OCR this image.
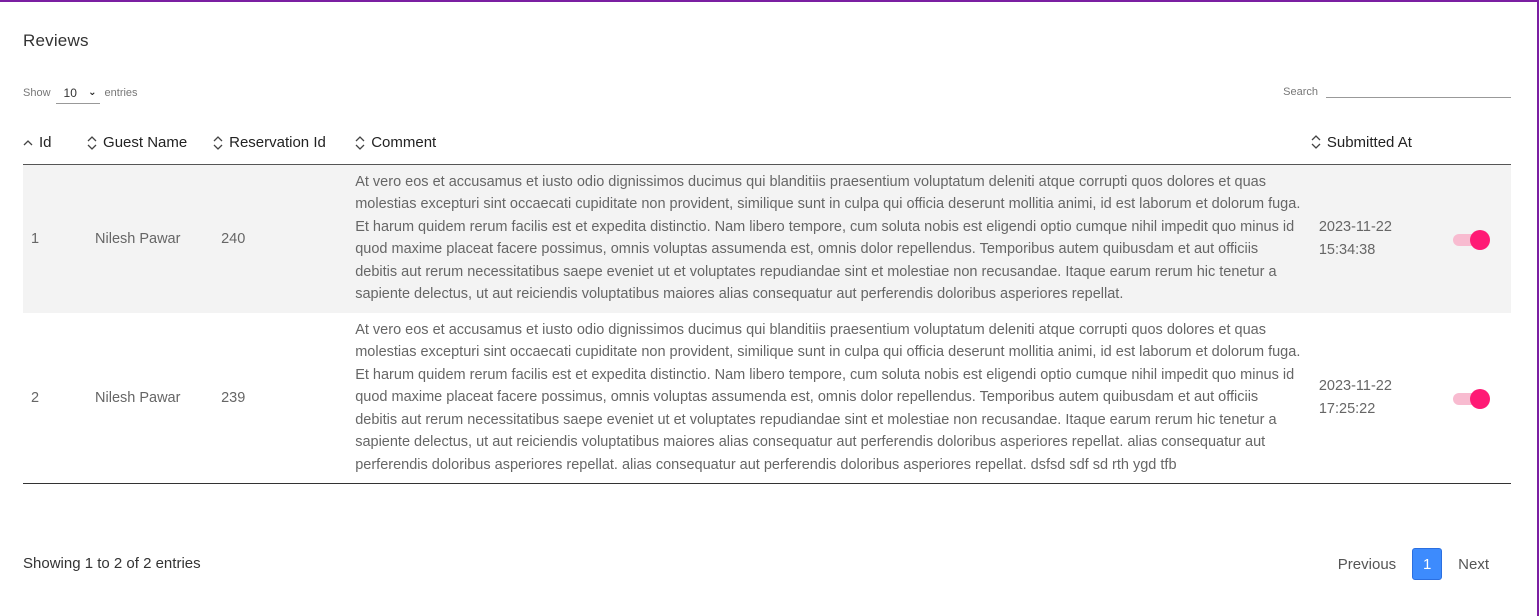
Reviews
Show 10 ⌄ entries	Search
Id	Guest Name	Reservation Id	Comment	Submitted At	
1	Nilesh Pawar	240	At vero eos et accusamus et iusto odio dignissimos ducimus qui blanditiis praesentium voluptatum deleniti atque corrupti quos dolores et quas molestias excepturi sint occaecati cupiditate non provident, similique sunt in culpa qui officia deserunt mollitia animi, id est laborum et dolorum fuga. Et harum quidem rerum facilis est et expedita distinctio. Nam libero tempore, cum soluta nobis est eligendi optio cumque nihil impedit quo minus id quod maxime placeat facere possimus, omnis voluptas assumenda est, omnis dolor repellendus. Temporibus autem quibusdam et aut officiis debitis aut rerum necessitatibus saepe eveniet ut et voluptates repudiandae sint et molestiae non recusandae. Itaque earum rerum hic tenetur a sapiente delectus, ut aut reiciendis voluptatibus maiores alias consequatur aut perferendis doloribus asperiores repellat.	2023-11-22
15:34:38	

2	Nilesh Pawar	239	At vero eos et accusamus et iusto odio dignissimos ducimus qui blanditiis praesentium voluptatum deleniti atque corrupti quos dolores et quas molestias excepturi sint occaecati cupiditate non provident, similique sunt in culpa qui officia deserunt mollitia animi, id est laborum et dolorum fuga. Et harum quidem rerum facilis est et expedita distinctio. Nam libero tempore, cum soluta nobis est eligendi optio cumque nihil impedit quo minus id quod maxime placeat facere possimus, omnis voluptas assumenda est, omnis dolor repellendus. Temporibus autem quibusdam et aut officiis debitis aut rerum necessitatibus saepe eveniet ut et voluptates repudiandae sint et molestiae non recusandae. Itaque earum rerum hic tenetur a sapiente delectus, ut aut reiciendis voluptatibus maiores alias consequatur aut perferendis doloribus asperiores repellat. alias consequatur aut perferendis doloribus asperiores repellat. alias consequatur aut perferendis doloribus asperiores repellat. dsfsd sdf sd rth ygd tfb	2023-11-22
17:25:22	

Showing 1 to 2 of 2 entries	Previous	1	Next
